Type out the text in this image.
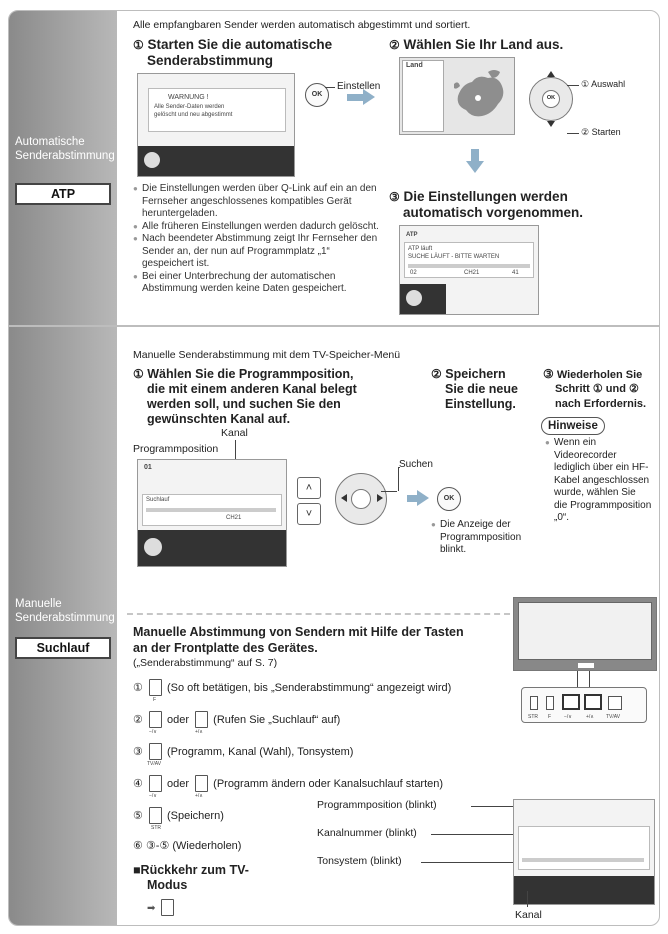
Automatische
Senderabstimmung
ATP
Alle empfangbaren Sender werden automatisch abgestimmt und sortiert.
① Starten Sie die automatische
Senderabstimmung
WARNUNG !
Alle Sender-Daten werden
gelöscht und neu abgestimmt
OK
Einstellen
② Wählen Sie Ihr Land aus.
Land
OK
① Auswahl
② Starten
● Die Einstellungen werden über Q-Link auf ein an den Fernseher angeschlossenes kompatibles Gerät heruntergeladen.
● Alle früheren Einstellungen werden dadurch gelöscht.
● Nach beendeter Abstimmung zeigt Ihr Fernseher den Sender an, der nun auf Programmplatz „1“ gespeichert ist.
● Bei einer Unterbrechung der automatischen Abstimmung werden keine Daten gespeichert.
③ Die Einstellungen werden
automatisch vorgenommen.
ATP
ATP läuft
SUCHE LÄUFT - BITTE WARTEN
02	CH21	41
Manuelle
Senderabstimmung
Suchlauf
Manuelle Senderabstimmung mit dem TV-Speicher-Menü
① Wählen Sie die Programmposition,
die mit einem anderen Kanal belegt
werden soll, und suchen Sie den
gewünschten Kanal auf.
② Speichern
Sie die neue
Einstellung.
③ Wiederholen Sie
Schritt ① und ②
nach Erfordernis.
Hinweise
● Wenn ein
Videorecorder
lediglich über ein HF-
Kabel angeschlossen
wurde, wählen Sie
die Programmposition
„0“.
Kanal
Programmposition
01
Suchlauf
CH21
˄
˅
Suchen
OK
● Die Anzeige der
Programmposition
blinkt.
Manuelle Abstimmung von Sendern mit Hilfe der Tasten
an der Frontplatte des Gerätes.
(„Senderabstimmung“ auf S. 7)
① (So oft betätigen, bis „Senderabstimmung“ angezeigt wird)
F
② oder (Rufen Sie „Suchlauf“ auf)
−/∨	+/∧
③ (Programm, Kanal (Wahl), Tonsystem)
TV/AV
④ oder (Programm ändern oder Kanalsuchlauf starten)
−/∨	+/∧
⑤ (Speichern)
STR
⑥ ③-⑤ (Wiederholen)
■Rückkehr zum TV-
Modus
➡
STR F	−/∨	+/∧ TV/AV
Programmposition (blinkt)
Kanalnummer (blinkt)
Tonsystem (blinkt)
Kanal
